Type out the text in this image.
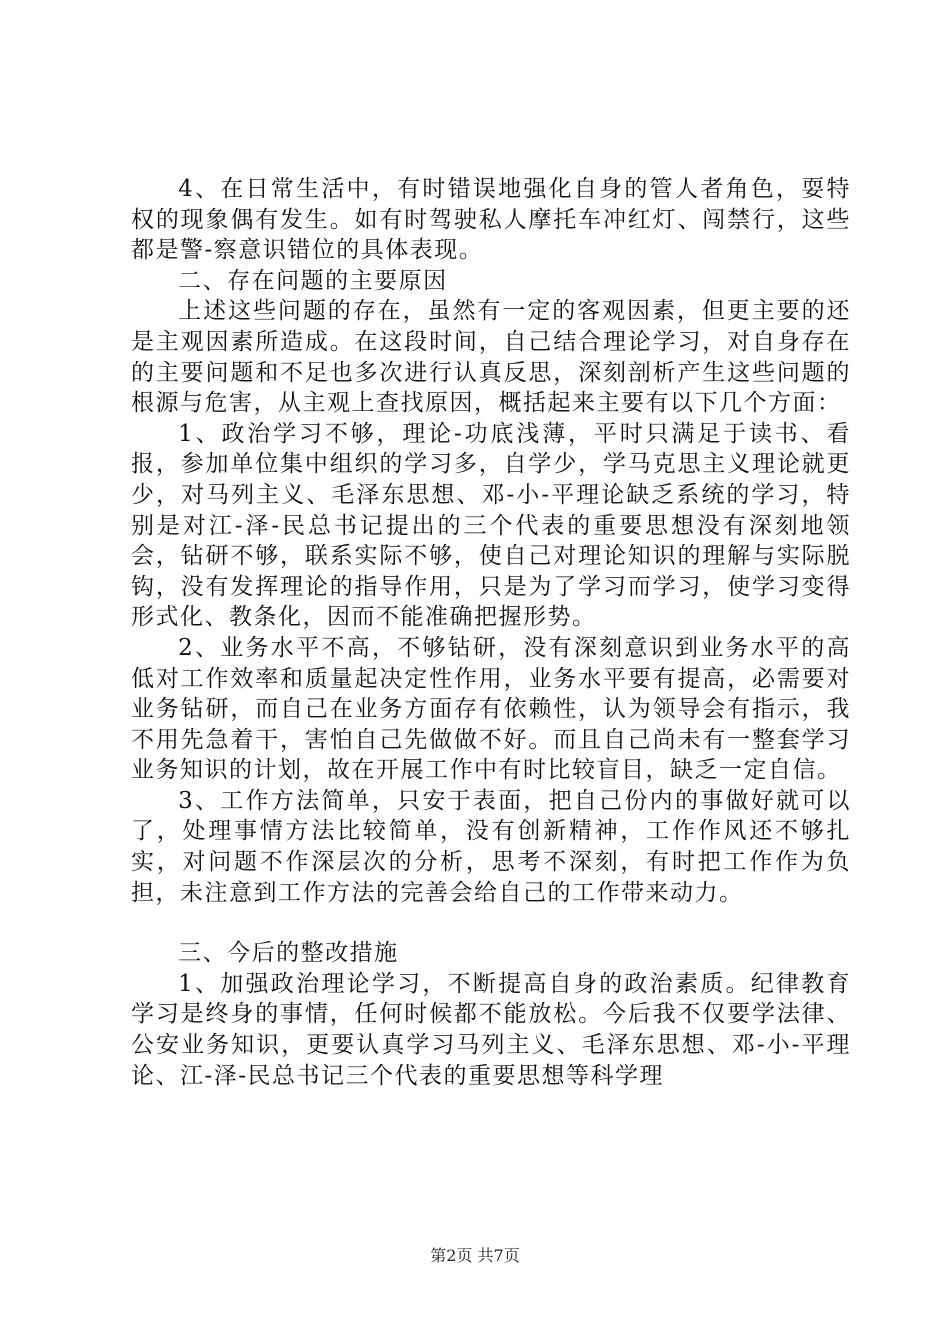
4、在日常生活中，有时错误地强化自身的管人者角色，耍特权的现象偶有发生。如有时驾驶私人摩托车冲红灯、闯禁行，这些都是警-察意识错位的具体表现。

二、存在问题的主要原因

上述这些问题的存在，虽然有一定的客观因素，但更主要的还是主观因素所造成。在这段时间，自己结合理论学习，对自身存在的主要问题和不足也多次进行认真反思，深刻剖析产生这些问题的根源与危害，从主观上查找原因，概括起来主要有以下几个方面：

1、政治学习不够，理论-功底浅薄，平时只满足于读书、看报，参加单位集中组织的学习多，自学少，学马克思主义理论就更少，对马列主义、毛泽东思想、邓-小-平理论缺乏系统的学习，特别是对江-泽-民总书记提出的三个代表的重要思想没有深刻地领会，钻研不够，联系实际不够，使自己对理论知识的理解与实际脱钩，没有发挥理论的指导作用，只是为了学习而学习，使学习变得形式化、教条化，因而不能准确把握形势。

2、业务水平不高，不够钻研，没有深刻意识到业务水平的高低对工作效率和质量起决定性作用，业务水平要有提高，必需要对业务钻研，而自己在业务方面存有依赖性，认为领导会有指示，我不用先急着干，害怕自己先做做不好。而且自己尚未有一整套学习业务知识的计划，故在开展工作中有时比较盲目，缺乏一定自信。

3、工作方法简单，只安于表面，把自己份内的事做好就可以了，处理事情方法比较简单，没有创新精神，工作作风还不够扎实，对问题不作深层次的分析，思考不深刻，有时把工作作为负担，未注意到工作方法的完善会给自己的工作带来动力。

三、今后的整改措施

1、加强政治理论学习，不断提高自身的政治素质。纪律教育学习是终身的事情，任何时候都不能放松。今后我不仅要学法律、公安业务知识，更要认真学习马列主义、毛泽东思想、邓-小-平理论、江-泽-民总书记三个代表的重要思想等科学理

第2页 共7页
